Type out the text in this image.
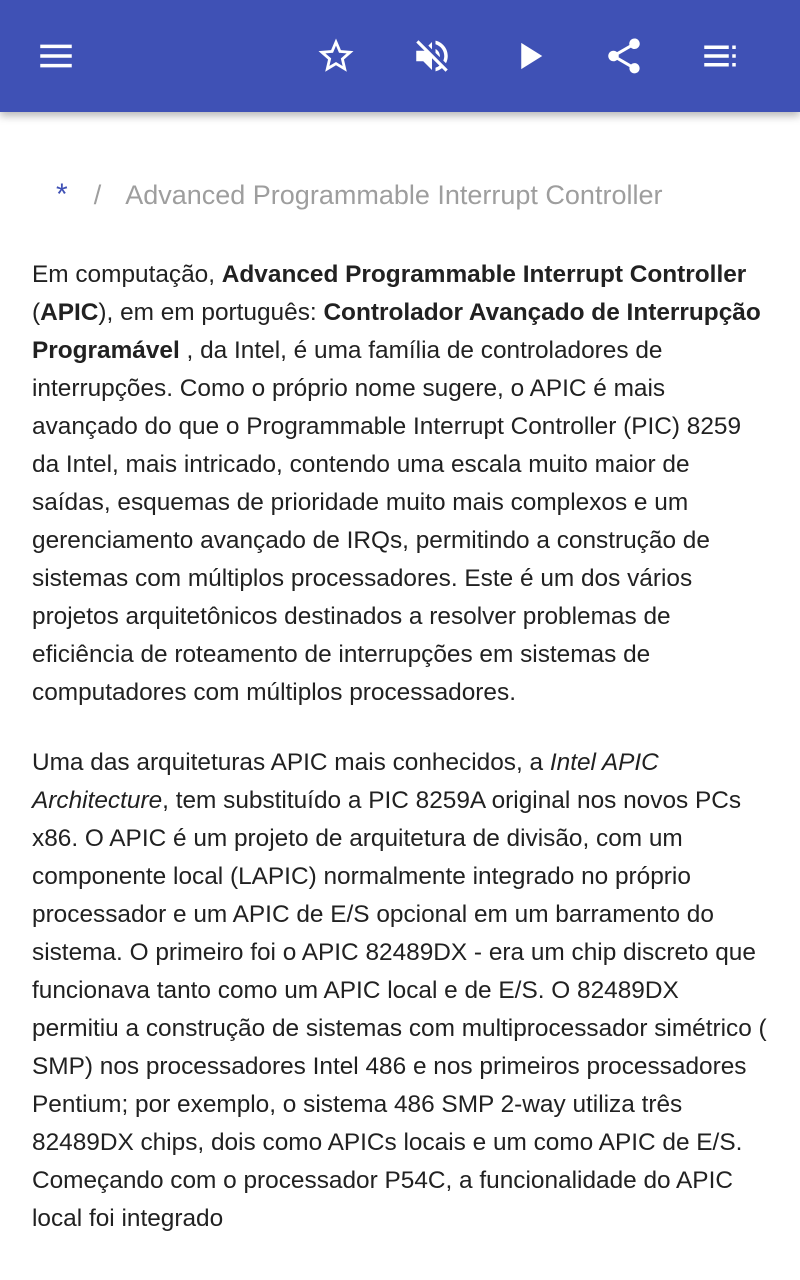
* / Advanced Programmable Interrupt Controller

Em computação, Advanced Programmable Interrupt Controller
(APIC), em em português: Controlador Avançado de Interrupção Programável , da Intel, é uma família de controladores de interrupções. Como o próprio nome sugere, o APIC é mais avançado do que o Programmable Interrupt Controller (PIC) 8259 da Intel, mais intricado, contendo uma escala muito maior de saídas, esquemas de prioridade muito mais complexos e um gerenciamento avançado de IRQs, permitindo a construção de sistemas com múltiplos processadores. Este é um dos vários projetos arquitetônicos destinados a resolver problemas de eficiência de roteamento de interrupções em sistemas de computadores com múltiplos processadores.

Uma das arquiteturas APIC mais conhecidos, a Intel APIC Architecture, tem substituído a PIC 8259A original nos novos PCs x86. O APIC é um projeto de arquitetura de divisão, com um componente local (LAPIC) normalmente integrado no próprio processador e um APIC de E/S opcional em um barramento do sistema. O primeiro foi o APIC 82489DX - era um chip discreto que funcionava tanto como um APIC local e de E/S. O 82489DX permitiu a construção de sistemas com multiprocessador simétrico ( SMP) nos processadores Intel 486 e nos primeiros processadores Pentium; por exemplo, o sistema 486 SMP 2-way utiliza três 82489DX chips, dois como APICs locais e um como APIC de E/S. Começando com o processador P54C, a funcionalidade do APIC local foi integrado
